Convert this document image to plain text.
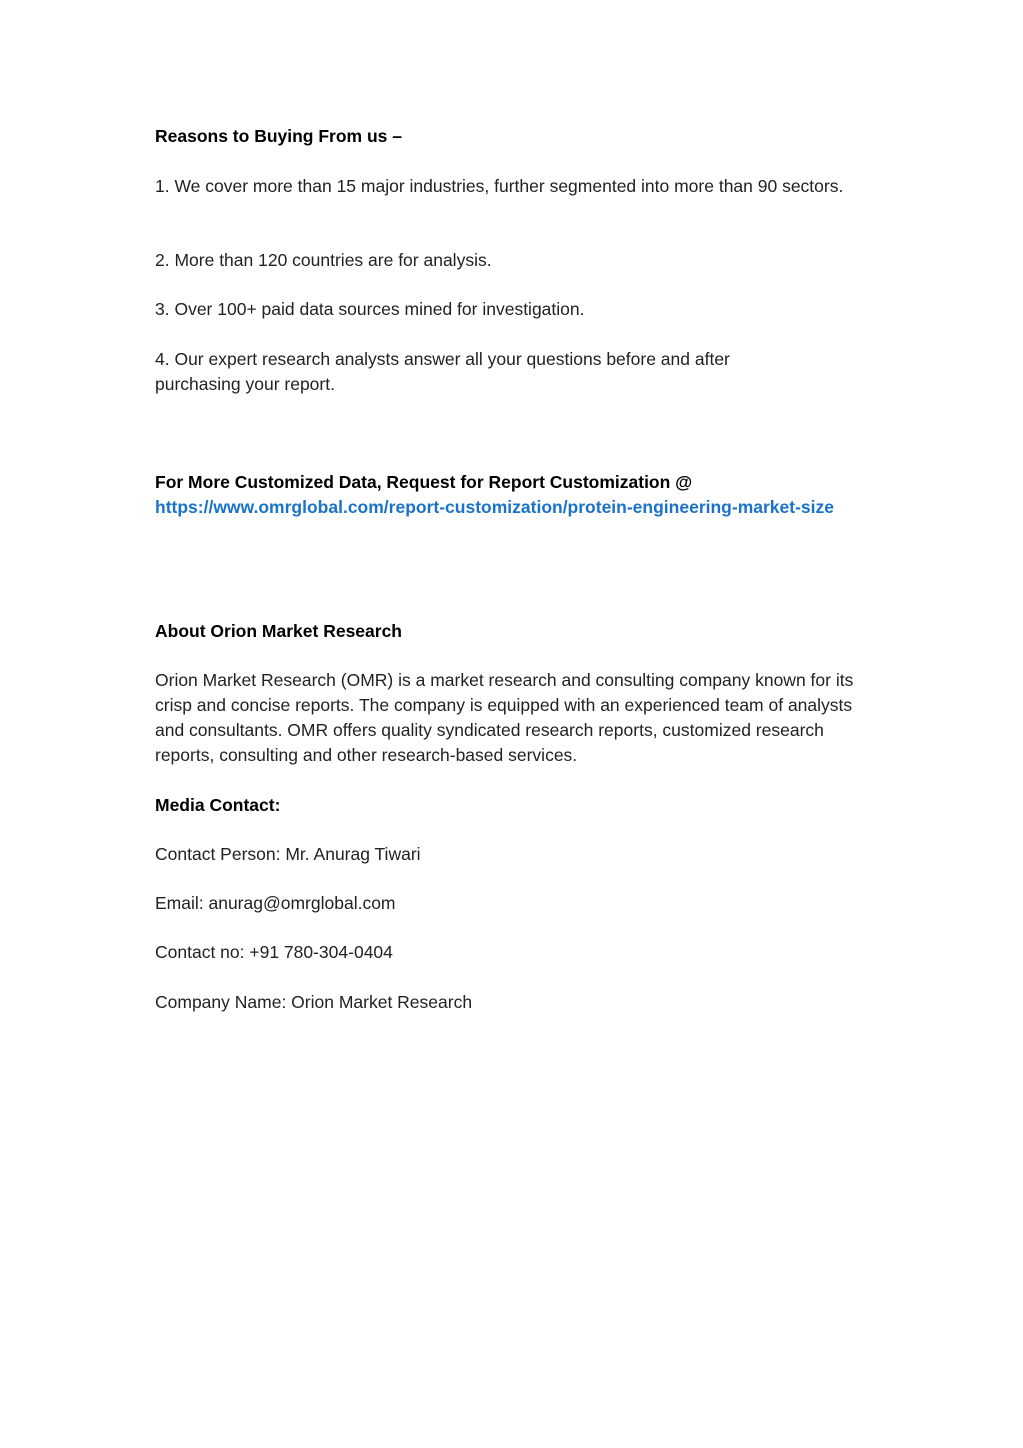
Reasons to Buying From us –

1. We cover more than 15 major industries, further segmented into more than 90 sectors.

2. More than 120 countries are for analysis.

3. Over 100+ paid data sources mined for investigation.

4. Our expert research analysts answer all your questions before and after purchasing your report.

For More Customized Data, Request for Report Customization @

https://www.omrglobal.com/report-customization/protein-engineering-market-size

About Orion Market Research

Orion Market Research (OMR) is a market research and consulting company known for its crisp and concise reports. The company is equipped with an experienced team of analysts and consultants. OMR offers quality syndicated research reports, customized research reports, consulting and other research-based services.

Media Contact:

Contact Person: Mr. Anurag Tiwari

Email: anurag@omrglobal.com

Contact no: +91 780-304-0404

Company Name: Orion Market Research
